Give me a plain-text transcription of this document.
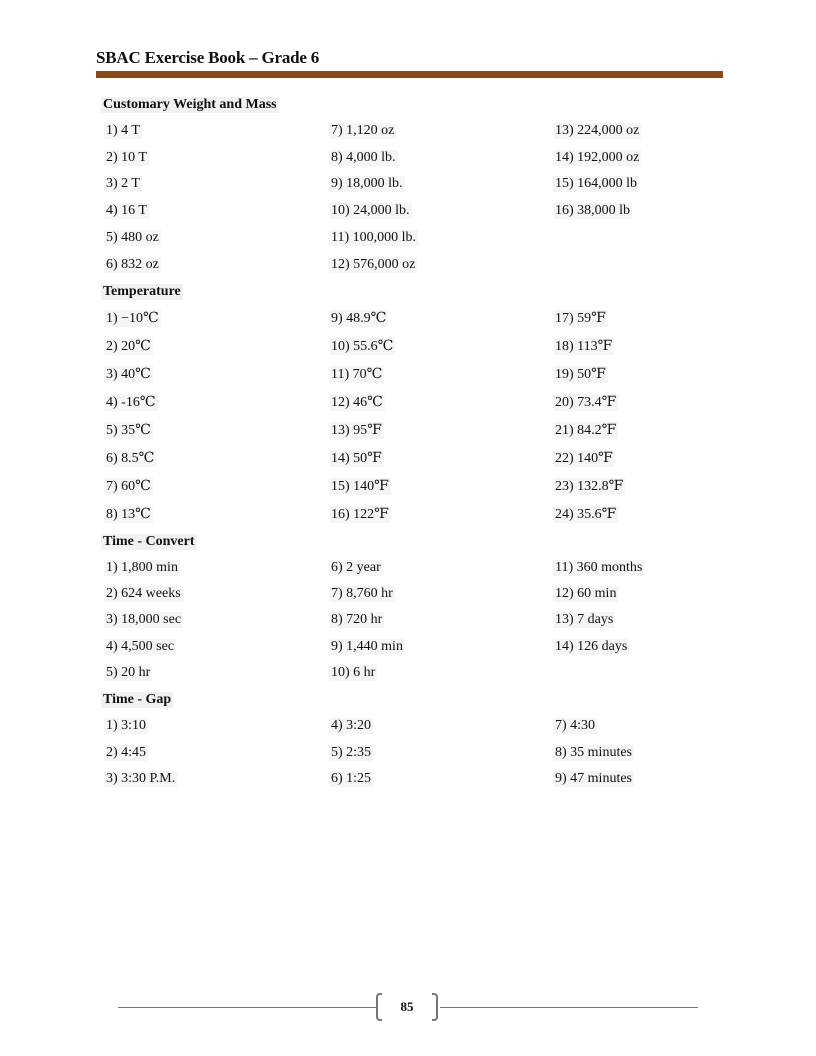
SBAC Exercise Book – Grade 6
Customary Weight and Mass
1) 4 T
2) 10 T
3) 2 T
4) 16 T
5) 480 oz
6) 832 oz
7) 1,120 oz
8) 4,000 lb.
9) 18,000 lb.
10) 24,000 lb.
11) 100,000 lb.
12) 576,000 oz
13) 224,000 oz
14) 192,000 oz
15) 164,000 lb
16) 38,000 lb
Temperature
1) −10℃
2) 20℃
3) 40℃
4) -16℃
5) 35℃
6) 8.5℃
7) 60℃
8) 13℃
9) 48.9℃
10) 55.6℃
11) 70℃
12) 46℃
13) 95℉
14) 50℉
15) 140℉
16) 122℉
17) 59℉
18) 113℉
19) 50℉
20) 73.4℉
21) 84.2℉
22) 140℉
23) 132.8℉
24) 35.6℉
Time - Convert
1) 1,800 min
2) 624 weeks
3) 18,000 sec
4) 4,500 sec
5) 20 hr
6) 2 year
7) 8,760 hr
8) 720 hr
9) 1,440 min
10) 6 hr
11) 360 months
12) 60 min
13) 7 days
14) 126 days
Time - Gap
1) 3:10
2) 4:45
3) 3:30 P.M.
4) 3:20
5) 2:35
6) 1:25
7) 4:30
8) 35 minutes
9) 47 minutes
85
